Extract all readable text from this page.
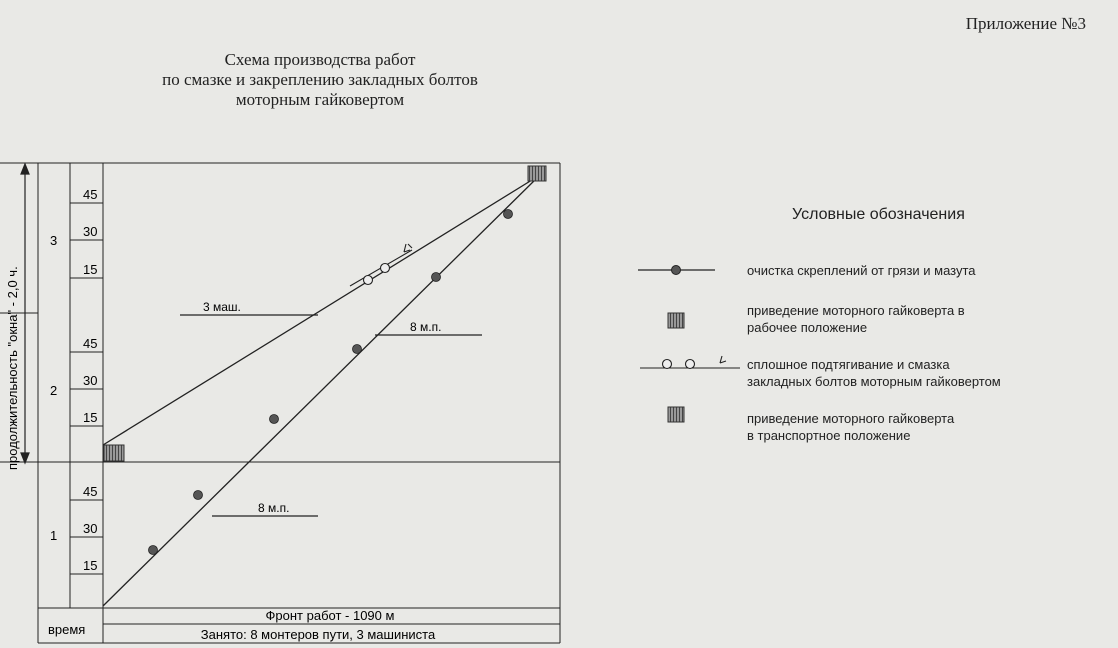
Приложение №3
Схема производства работ
по смазке и закреплению закладных болтов
моторным гайковертом
продолжительность "окна" - 2,0 ч.
3
2
1
45
30
15
45
30
15
45
30
15
время
Фронт работ - 1090 м
Занято: 8 монтеров пути, 3 машиниста
3 маш.
8 м.п.
8 м.п.
Условные обозначения
очистка скреплений от грязи и мазута
приведение моторного гайковерта в
рабочее положение
сплошное подтягивание и смазка
закладных болтов моторным гайковертом
приведение моторного гайковерта
в транспортное положение
